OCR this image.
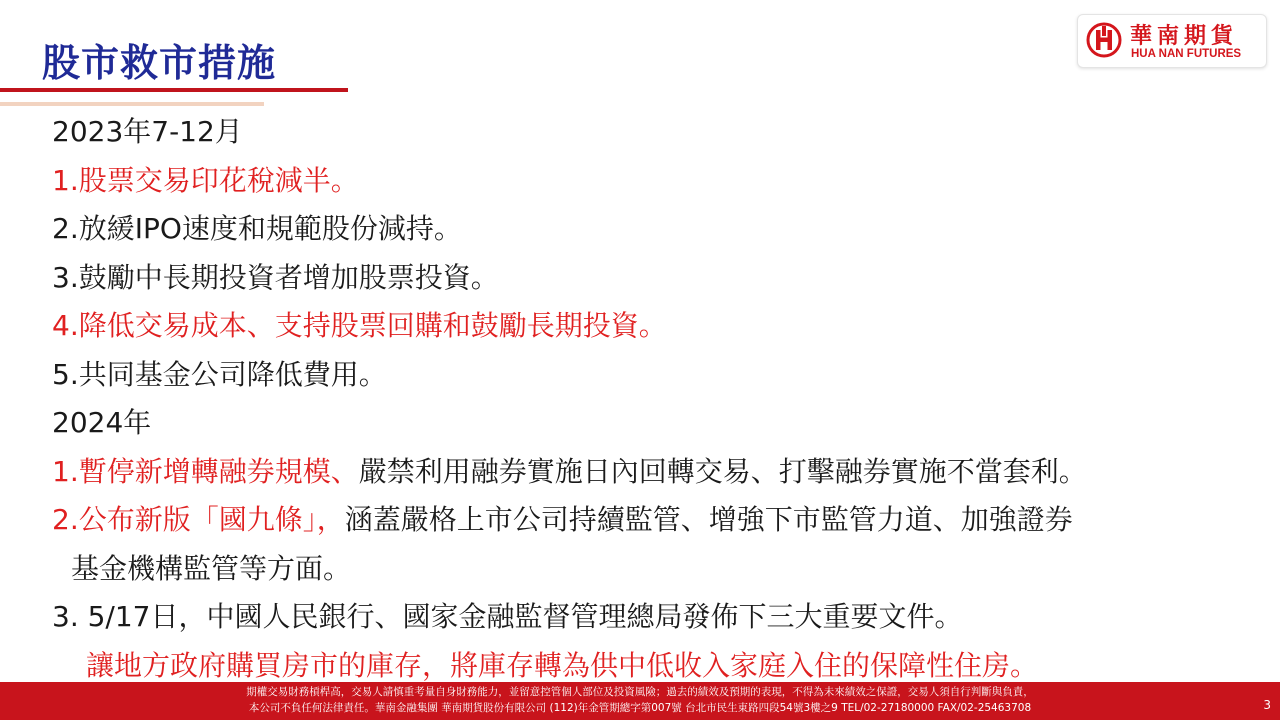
股市救市措施
華南期貨
HUA NAN FUTURES
2023年7-12月
1.股票交易印花稅減半。
2.放緩IPO速度和規範股份減持。
3.鼓勵中長期投資者增加股票投資。
4.降低交易成本、支持股票回購和鼓勵長期投資。
5.共同基金公司降低費用。
2024年
1.暫停新增轉融券規模、嚴禁利用融券實施日內回轉交易、打擊融券實施不當套利。
2.公布新版「國九條」，涵蓋嚴格上市公司持續監管、增強下市監管力道、加強證券
基金機構監管等方面。
3. 5/17日，中國人民銀行、國家金融監督管理總局發佈下三大重要文件。
讓地方政府購買房市的庫存，將庫存轉為供中低收入家庭入住的保障性住房。
期權交易財務槓桿高，交易人請慎重考量自身財務能力，並留意控管個人部位及投資風險；過去的績效及預期的表現，不得為未來績效之保證，交易人須自行判斷與負責，
本公司不負任何法律責任。華南金融集團 華南期貨股份有限公司 (112)年金管期總字第007號 台北市民生東路四段54號3樓之9 TEL/02-27180000 FAX/02-25463708	3
